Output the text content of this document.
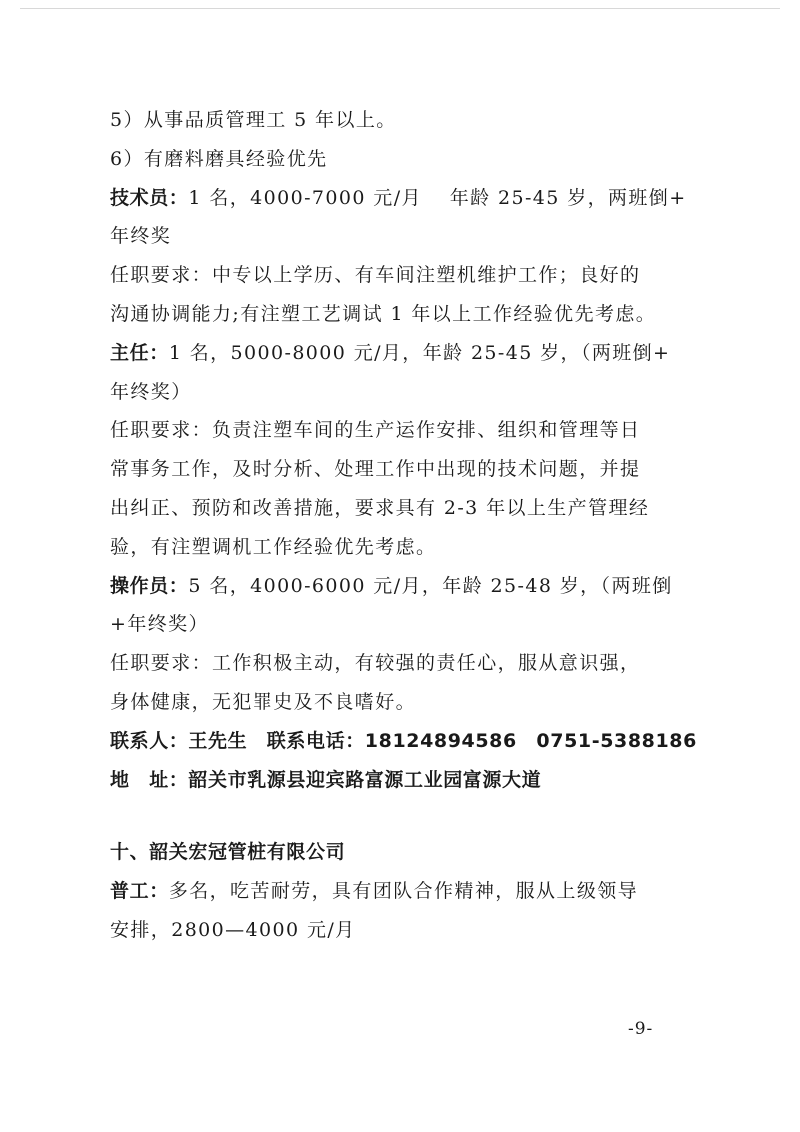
5）从事品质管理工 5 年以上。
6）有磨料磨具经验优先
技术员：1 名，4000-7000 元/月　 年龄 25-45 岁，两班倒+
年终奖
任职要求：中专以上学历、有车间注塑机维护工作；良好的
沟通协调能力;有注塑工艺调试 1 年以上工作经验优先考虑。
主任：1 名，5000-8000 元/月，年龄 25-45 岁，（两班倒+
年终奖）
任职要求：负责注塑车间的生产运作安排、组织和管理等日
常事务工作，及时分析、处理工作中出现的技术问题，并提
出纠正、预防和改善措施，要求具有 2-3 年以上生产管理经
验，有注塑调机工作经验优先考虑。
操作员：5 名，4000-6000 元/月，年龄 25-48 岁，（两班倒
+年终奖）
任职要求：工作积极主动，有较强的责任心，服从意识强，
身体健康，无犯罪史及不良嗜好。
联系人：王先生　联系电话：18124894586　0751-5388186
地　址：韶关市乳源县迎宾路富源工业园富源大道
十、韶关宏冠管桩有限公司
普工：多名，吃苦耐劳，具有团队合作精神，服从上级领导
安排，2800—4000 元/月
-9-
